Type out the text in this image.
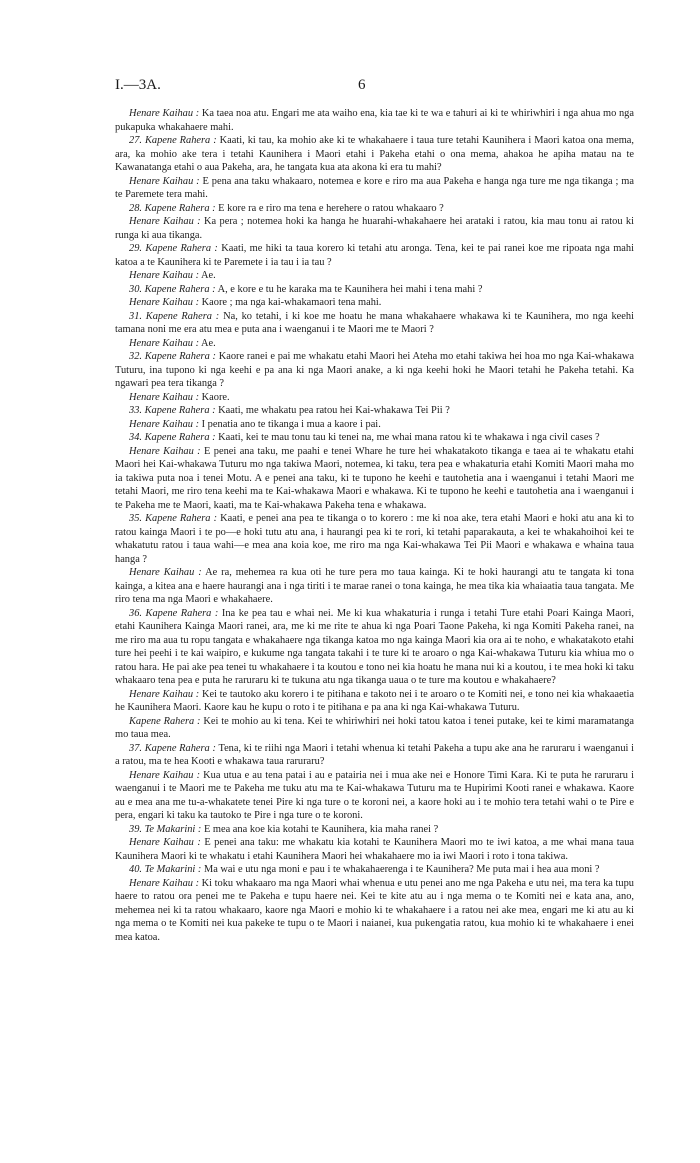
I.—3A.	6

Henare Kaihau : Ka taea noa atu. Engari me ata waiho ena, kia tae ki te wa e tahuri ai ki te whiriwhiri i nga ahua mo nga pukapuka whakahaere mahi.

27. Kapene Rahera : Kaati, ki tau, ka mohio ake ki te whakahaere i taua ture tetahi Kaunihera i Maori katoa ona mema, ara, ka mohio ake tera i tetahi Kaunihera i Maori etahi i Pakeha etahi o ona mema, ahakoa he apiha matau na te Kawanatanga etahi o aua Pakeha, ara, he tangata kua ata akona ki era tu mahi?

Henare Kaihau : E pena ana taku whakaaro, notemea e kore e riro ma aua Pakeha e hanga nga ture me nga tikanga ; ma te Paremete tera mahi.

28. Kapene Rahera : E kore ra e riro ma tena e herehere o ratou whakaaro ?

Henare Kaihau : Ka pera ; notemea hoki ka hanga he huarahi-whakahaere hei arataki i ratou, kia mau tonu ai ratou ki runga ki aua tikanga.

29. Kapene Rahera : Kaati, me hiki ta taua korero ki tetahi atu aronga. Tena, kei te pai ranei koe me ripoata nga mahi katoa a te Kaunihera ki te Paremete i ia tau i ia tau ?

Henare Kaihau : Ae.

30. Kapene Rahera : A, e kore e tu he karaka ma te Kaunihera hei mahi i tena mahi ?

Henare Kaihau : Kaore ; ma nga kai-whakamaori tena mahi.

31. Kapene Rahera : Na, ko tetahi, i ki koe me hoatu he mana whakahaere whakawa ki te Kaunihera, mo nga keehi tamana noni me era atu mea e puta ana i waenganui i te Maori me te Maori ?

Henare Kaihau : Ae.

32. Kapene Rahera : Kaore ranei e pai me whakatu etahi Maori hei Ateha mo etahi takiwa hei hoa mo nga Kai-whakawa Tuturu, ina tupono ki nga keehi e pa ana ki nga Maori anake, a ki nga keehi hoki he Maori tetahi he Pakeha tetahi. Ka ngawari pea tera tikanga ?

Henare Kaihau : Kaore.

33. Kapene Rahera : Kaati, me whakatu pea ratou hei Kai-whakawa Tei Pii ?

Henare Kaihau : I penatia ano te tikanga i mua a kaore i pai.

34. Kapene Rahera : Kaati, kei te mau tonu tau ki tenei na, me whai mana ratou ki te whakawa i nga civil cases ?

Henare Kaihau : E penei ana taku, me paahi e tenei Whare he ture hei whakatakoto tikanga e taea ai te whakatu etahi Maori hei Kai-whakawa Tuturu mo nga takiwa Maori, notemea, ki taku, tera pea e whakaturia etahi Komiti Maori maha mo ia takiwa puta noa i tenei Motu. A e penei ana taku, ki te tupono he keehi e tautohetia ana i waenganui i tetahi Maori me tetahi Maori, me riro tena keehi ma te Kai-whakawa Maori e whakawa. Ki te tupono he keehi e tautohetia ana i waenganui i te Pakeha me te Maori, kaati, ma te Kai-whakawa Pakeha tena e whakawa.

35. Kapene Rahera : Kaati, e penei ana pea te tikanga o to korero : me ki noa ake, tera etahi Maori e hoki atu ana ki to ratou kainga Maori i te po—e hoki tutu atu ana, i haurangi pea ki te rori, ki tetahi paparakauta, a kei te whakahoihoi kei te whakatutu ratou i taua wahi—e mea ana koia koe, me riro ma nga Kai-whakawa Tei Pii Maori e whakawa e whaina taua hanga ?

Henare Kaihau : Ae ra, mehemea ra kua oti he ture pera mo taua kainga. Ki te hoki haurangi atu te tangata ki tona kainga, a kitea ana e haere haurangi ana i nga tiriti i te marae ranei o tona kainga, he mea tika kia whaiaatia taua tangata. Me riro tena ma nga Maori e whakahaere.

36. Kapene Rahera : Ina ke pea tau e whai nei. Me ki kua whakaturia i runga i tetahi Ture etahi Poari Kainga Maori, etahi Kaunihera Kainga Maori ranei, ara, me ki me rite te ahua ki nga Poari Taone Pakeha, ki nga Komiti Pakeha ranei, na me riro ma aua tu ropu tangata e whakahaere nga tikanga katoa mo nga kainga Maori kia ora ai te noho, e whakatakoto etahi ture hei peehi i te kai waipiro, e kukume nga tangata takahi i te ture ki te aroaro o nga Kai-whakawa Tuturu kia whiua mo o ratou hara. He pai ake pea tenei tu whakahaere i ta koutou e tono nei kia hoatu he mana nui ki a koutou, i te mea hoki ki taku whakaaro tena pea e puta he raruraru ki te tukuna atu nga tikanga uaua o te ture ma koutou e whakahaere?

Henare Kaihau : Kei te tautoko aku korero i te pitihana e takoto nei i te aroaro o te Komiti nei, e tono nei kia whakaaetia he Kaunihera Maori. Kaore kau he kupu o roto i te pitihana e pa ana ki nga Kai-whakawa Tuturu.

Kapene Rahera : Kei te mohio au ki tena. Kei te whiriwhiri nei hoki tatou katoa i tenei putake, kei te kimi maramatanga mo taua mea.

37. Kapene Rahera : Tena, ki te riihi nga Maori i tetahi whenua ki tetahi Pakeha a tupu ake ana he raruraru i waenganui i a ratou, ma te hea Kooti e whakawa taua raruraru?

Henare Kaihau : Kua utua e au tena patai i au e patairia nei i mua ake nei e Honore Timi Kara. Ki te puta he raruraru i waenganui i te Maori me te Pakeha me tuku atu ma te Kai-whakawa Tuturu ma te Hupirimi Kooti ranei e whakawa. Kaore au e mea ana me tu-a-whakatete tenei Pire ki nga ture o te koroni nei, a kaore hoki au i te mohio tera tetahi wahi o te Pire e pera, engari ki taku ka tautoko te Pire i nga ture o te koroni.

39. Te Makarini : E mea ana koe kia kotahi te Kaunihera, kia maha ranei ?

Henare Kaihau : E penei ana taku: me whakatu kia kotahi te Kaunihera Maori mo te iwi katoa, a me whai mana taua Kaunihera Maori ki te whakatu i etahi Kaunihera Maori hei whakahaere mo ia iwi Maori i roto i tona takiwa.

40. Te Makarini : Ma wai e utu nga moni e pau i te whakahaerenga i te Kaunihera? Me puta mai i hea aua moni ?

Henare Kaihau : Ki toku whakaaro ma nga Maori whai whenua e utu penei ano me nga Pakeha e utu nei, ma tera ka tupu haere to ratou ora penei me te Pakeha e tupu haere nei. Kei te kite atu au i nga mema o te Komiti nei e kata ana, ano, mehemea nei ki ta ratou whakaaro, kaore nga Maori e mohio ki te whakahaere i a ratou nei ake mea, engari me ki atu au ki nga mema o te Komiti nei kua pakeke te tupu o te Maori i naianei, kua pukengatia ratou, kua mohio ki te whakahaere i enei mea katoa.
